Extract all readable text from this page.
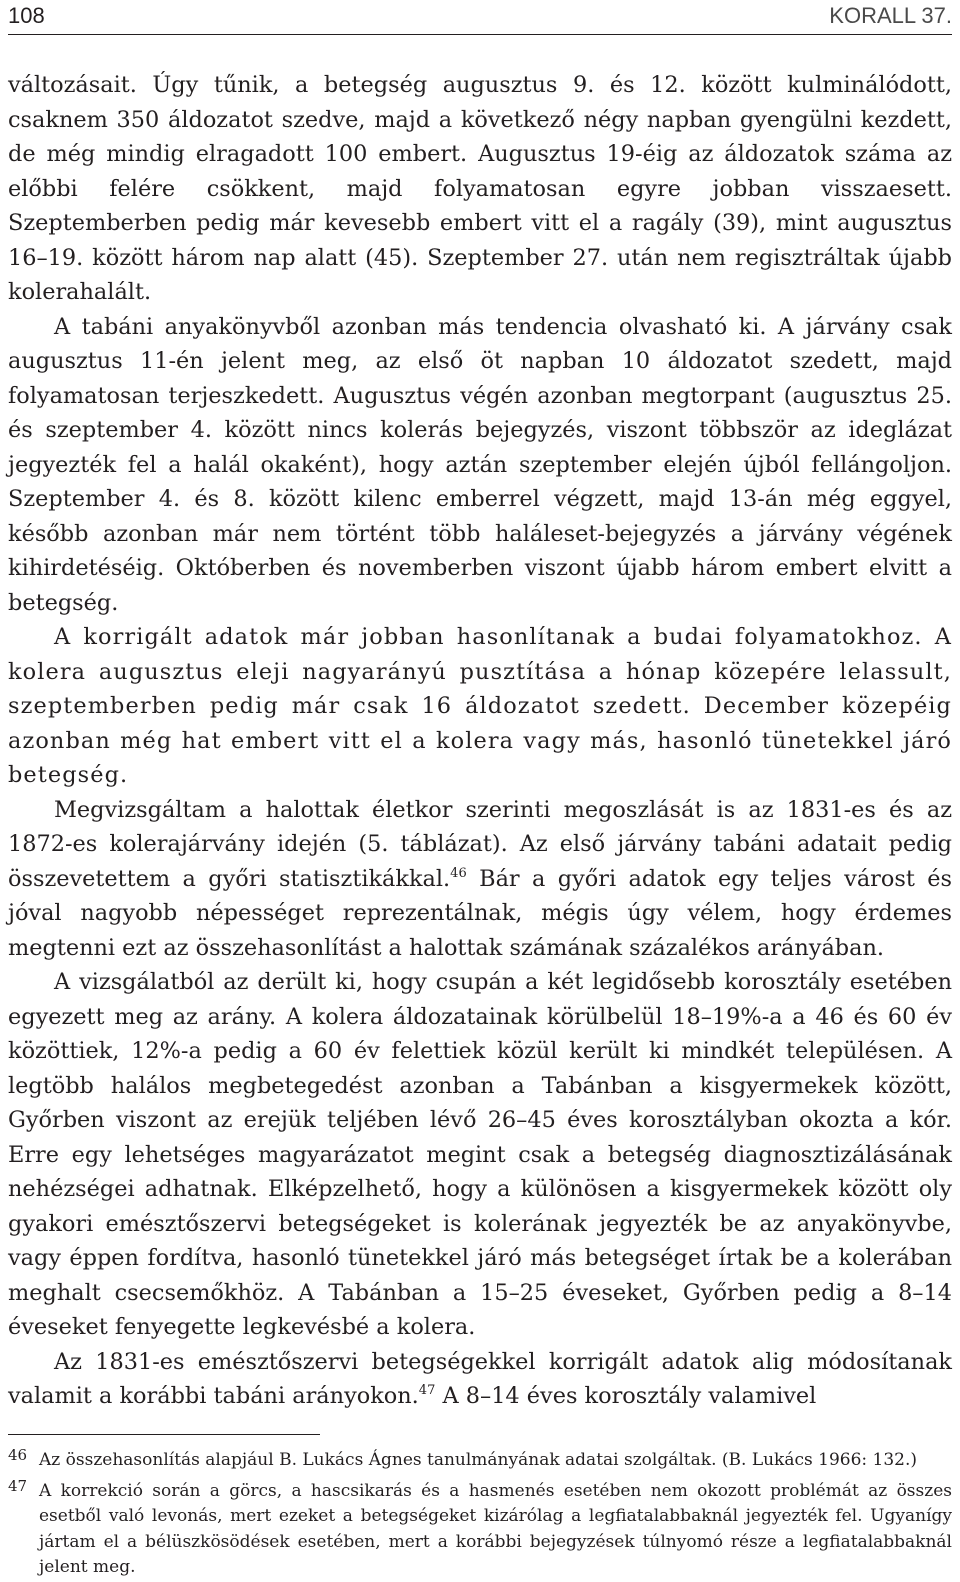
108	KORALL 37.

változásait. Úgy tűnik, a betegség augusztus 9. és 12. között kulminálódott, csaknem 350 áldozatot szedve, majd a következő négy napban gyengülni kezdett, de még mindig elragadott 100 embert. Augusztus 19-éig az áldozatok száma az előbbi felére csökkent, majd folyamatosan egyre jobban visszaesett. Szeptemberben pedig már kevesebb embert vitt el a ragály (39), mint augusztus 16–19. között három nap alatt (45). Szeptember 27. után nem regisztráltak újabb kolerahalált.

A tabáni anyakönyvből azonban más tendencia olvasható ki. A járvány csak augusztus 11-én jelent meg, az első öt napban 10 áldozatot szedett, majd folyamatosan terjeszkedett. Augusztus végén azonban megtorpant (augusztus 25. és szeptember 4. között nincs kolerás bejegyzés, viszont többször az ideglázat jegyezték fel a halál okaként), hogy aztán szeptember elején újból fellángoljon. Szeptember 4. és 8. között kilenc emberrel végzett, majd 13-án még eggyel, később azonban már nem történt több haláleset-bejegyzés a járvány végének kihirdetéséig. Októberben és novemberben viszont újabb három embert elvitt a betegség.

A korrigált adatok már jobban hasonlítanak a budai folyamatokhoz. A kolera augusztus eleji nagyarányú pusztítása a hónap közepére lelassult, szeptemberben pedig már csak 16 áldozatot szedett. December közepéig azonban még hat embert vitt el a kolera vagy más, hasonló tünetekkel járó betegség.

Megvizsgáltam a halottak életkor szerinti megoszlását is az 1831-es és az 1872-es kolerajárvány idején (5. táblázat). Az első járvány tabáni adatait pedig összevetettem a győri statisztikákkal.$^{46}$ Bár a győri adatok egy teljes várost és jóval nagyobb népességet reprezentálnak, mégis úgy vélem, hogy érdemes megtenni ezt az összehasonlítást a halottak számának százalékos arányában.

A vizsgálatból az derült ki, hogy csupán a két legidősebb korosztály esetében egyezett meg az arány. A kolera áldozatainak körülbelül 18–19%-a a 46 és 60 év közöttiek, 12%-a pedig a 60 év felettiek közül került ki mindkét településen. A legtöbb halálos megbetegedést azonban a Tabánban a kisgyermekek között, Győrben viszont az erejük teljében lévő 26–45 éves korosztályban okozta a kór. Erre egy lehetséges magyarázatot megint csak a betegség diagnosztizálásának nehézségei adhatnak. Elképzelhető, hogy a különösen a kisgyermekek között oly gyakori emésztőszervi betegségeket is kolerának jegyezték be az anyakönyvbe, vagy éppen fordítva, hasonló tünetekkel járó más betegséget írtak be a kolerában meghalt csecsemőkhöz. A Tabánban a 15–25 éveseket, Győrben pedig a 8–14 éveseket fenyegette legkevésbé a kolera.

Az 1831-es emésztőszervi betegségekkel korrigált adatok alig módosítanak valamit a korábbi tabáni arányokon.$^{47}$ A 8–14 éves korosztály valamivel

46 Az összehasonlítás alapjául B. Lukács Ágnes tanulmányának adatai szolgáltak. (B. Lukács 1966: 132.)
47 A korrekció során a görcs, a hascsikarás és a hasmenés esetében nem okozott problémát az összes esetből való levonás, mert ezeket a betegségeket kizárólag a legfiatalabbaknál jegyezték fel. Ugyanígy jártam el a bélüszkösödések esetében, mert a korábbi bejegyzések túlnyomó része a legfiatalabbaknál jelent meg.
